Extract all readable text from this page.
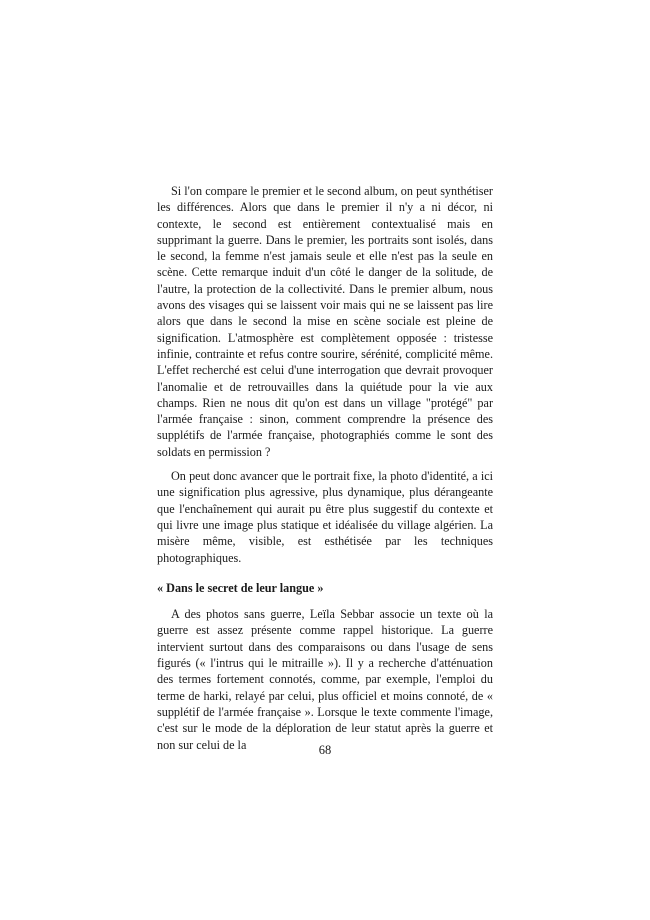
Si l'on compare le premier et le second album, on peut synthétiser les différences. Alors que dans le premier il n'y a ni décor, ni contexte, le second est entièrement contextualisé mais en supprimant la guerre. Dans le premier, les portraits sont isolés, dans le second, la femme n'est jamais seule et elle n'est pas la seule en scène. Cette remarque induit d'un côté le danger de la solitude, de l'autre, la protection de la collectivité. Dans le premier album, nous avons des visages qui se laissent voir mais qui ne se laissent pas lire alors que dans le second la mise en scène sociale est pleine de signification. L'atmosphère est complètement opposée : tristesse infinie, contrainte et refus contre sourire, sérénité, complicité même. L'effet recherché est celui d'une interrogation que devrait provoquer l'anomalie et de retrouvailles dans la quiétude pour la vie aux champs. Rien ne nous dit qu'on est dans un village "protégé" par l'armée française : sinon, comment comprendre la présence des supplétifs de l'armée française, photographiés comme le sont des soldats en permission ?

On peut donc avancer que le portrait fixe, la photo d'identité, a ici une signification plus agressive, plus dynamique, plus dérangeante que l'enchaînement qui aurait pu être plus suggestif du contexte et qui livre une image plus statique et idéalisée du village algérien. La misère même, visible, est esthétisée par les techniques photographiques.

« Dans le secret de leur langue »

A des photos sans guerre, Leïla Sebbar associe un texte où la guerre est assez présente comme rappel historique. La guerre intervient surtout dans des comparaisons ou dans l'usage de sens figurés (« l'intrus qui le mitraille »). Il y a recherche d'atténuation des termes fortement connotés, comme, par exemple, l'emploi du terme de harki, relayé par celui, plus officiel et moins connoté, de « supplétif de l'armée française ». Lorsque le texte commente l'image, c'est sur le mode de la déploration de leur statut après la guerre et non sur celui de la	68
